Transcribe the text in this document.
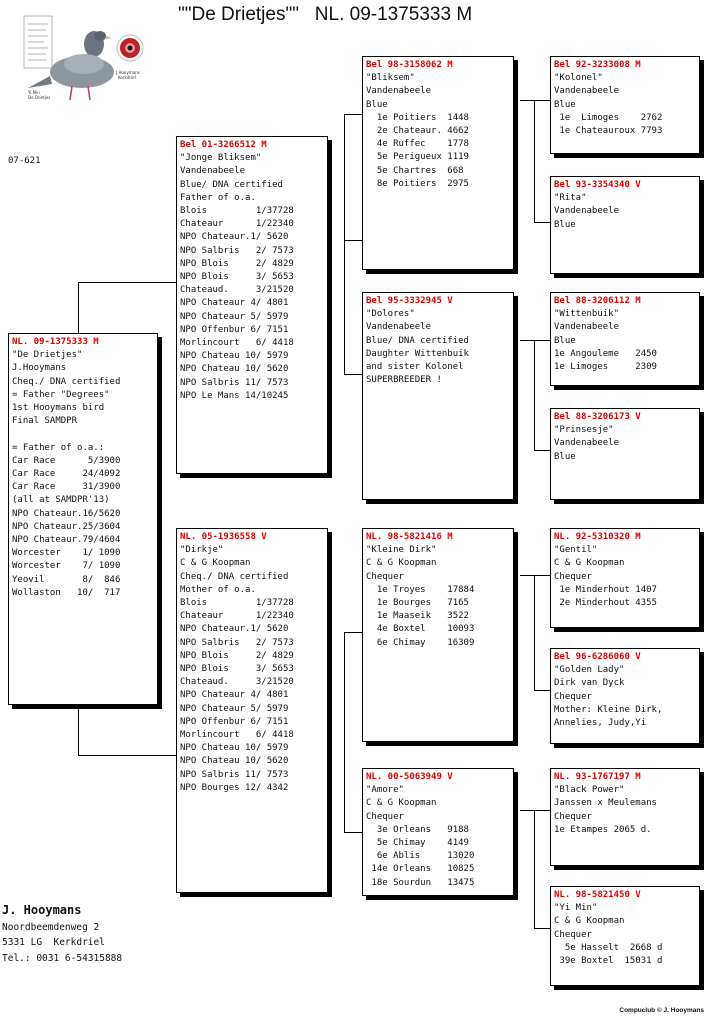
""De Drietjes""   NL. 09-1375333 M
Yi Min
De Drietjes
J.Hooymans
Kerkdriel
07-621
NL. 09-1375333 M
"De Drietjes"
J.Hooymans
Cheq./ DNA certified
= Father "Degrees"
1st Hooymans bird
Final SAMDPR

= Father of o.a.:
Car Race      5/3900
Car Race     24/4092
Car Race     31/3900
(all at SAMDPR'13)
NPO Chateaur.16/5620
NPO Chateaur.25/3604
NPO Chateaur.79/4604
Worcester    1/ 1090
Worcester    7/ 1090
Yeovil       8/  846
Wollaston   10/  717
Bel 01-3266512 M
"Jonge Bliksem"
Vandenabeele
Blue/ DNA certified
Father of o.a.
Blois         1/37728
Chateaur      1/22340
NPO Chateaur.1/ 5620
NPO Salbris   2/ 7573
NPO Blois     2/ 4829
NPO Blois     3/ 5653
Chateaud.     3/21520
NPO Chateaur 4/ 4801
NPO Chateaur 5/ 5979
NPO Offenbur 6/ 7151
Morlincourt   6/ 4418
NPO Chateau 10/ 5979
NPO Chateau 10/ 5620
NPO Salbris 11/ 7573
NPO Le Mans 14/10245
NL. 05-1936558 V
"Dirkje"
C & G Koopman
Cheq./ DNA certified
Mother of o.a.
Blois         1/37728
Chateaur      1/22340
NPO Chateaur.1/ 5620
NPO Salbris   2/ 7573
NPO Blois     2/ 4829
NPO Blois     3/ 5653
Chateaud.     3/21520
NPO Chateaur 4/ 4801
NPO Chateaur 5/ 5979
NPO Offenbur 6/ 7151
Morlincourt   6/ 4418
NPO Chateau 10/ 5979
NPO Chateau 10/ 5620
NPO Salbris 11/ 7573
NPO Bourges 12/ 4342
Bel 98-3158062 M
"Bliksem"
Vandenabeele
Blue
1e Poitiers  1448
2e Chateaur. 4662
4e Ruffec    1778
5e Perigueux 1119
5e Chartres  668
8e Poitiers  2975
Bel 95-3332945 V
"Dolores"
Vandenabeele
Blue/ DNA certified
Daughter Wittenbuik
and sister Kolonel
SUPERBREEDER !
NL. 98-5821416 M
"Kleine Dirk"
C & G Koopman
Chequer
1e Troyes    17884
1e Bourges   7165
1e Maaseik   3522
4e Boxtel    10093
6e Chimay    16309
NL. 00-5063949 V
"Amore"
C & G Koopman
Chequer
3e Orleans   9188
5e Chimay    4149
6e Ablis     13020
14e Orleans   10825
18e Sourdun   13475
Bel 92-3233008 M
"Kolonel"
Vandenabeele
Blue
1e  Limoges    2762
1e Chateauroux 7793
Bel 93-3354340 V
"Rita"
Vandenabeele
Blue
Bel 88-3206112 M
"Wittenbuik"
Vandenabeele
Blue
1e Angouleme   2450
1e Limoges     2309
Bel 88-3206173 V
"Prinsesje"
Vandenabeele
Blue
NL. 92-5310320 M
"Gentil"
C & G Koopman
Chequer
1e Minderhout 1407
2e Minderhout 4355
Bel 96-6286060 V
"Golden Lady"
Dirk van Dyck
Chequer
Mother: Kleine Dirk,
Annelies, Judy,Yi
NL. 93-1767197 M
"Black Power"
Janssen x Meulemans
Chequer
1e Etampes 2065 d.
NL. 98-5821450 V
"Yi Min"
C & G Koopman
Chequer
5e Hasselt  2668 d
39e Boxtel  15031 d
J. Hooymans
Noordbeemdenweg 2
5331 LG  Kerkdriel
Tel.: 0031 6-54315888
Compuclub © J. Hooymans
